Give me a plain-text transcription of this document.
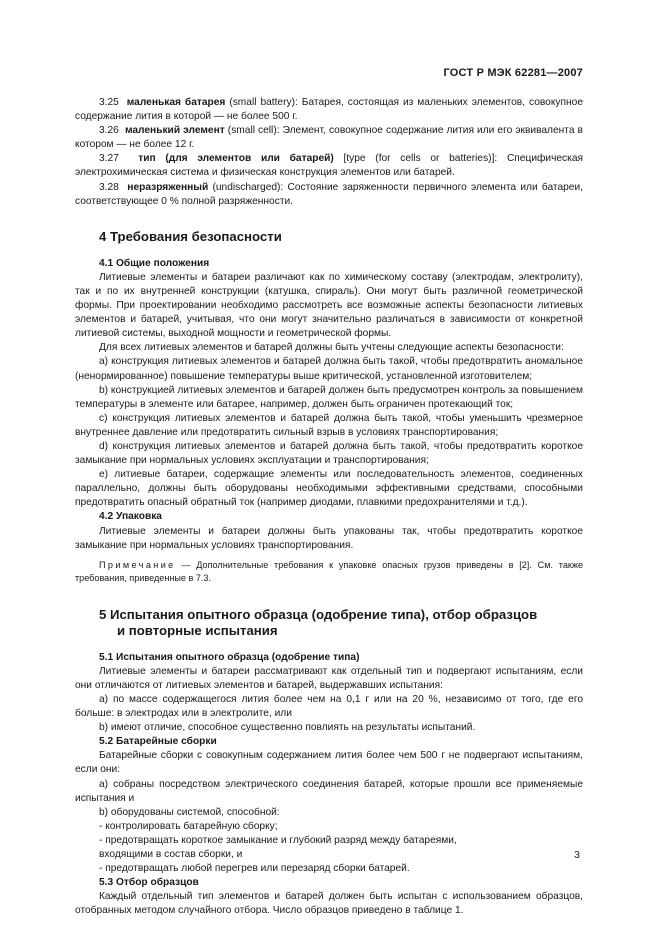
ГОСТ Р МЭК 62281—2007

3.25 маленькая батарея (small battery): Батарея, состоящая из маленьких элементов, совокупное содержание лития в которой — не более 500 г.

3.26 маленький элемент (small cell): Элемент, совокупное содержание лития или его эквивалента в котором — не более 12 г.

3.27 тип (для элементов или батарей) [type (for cells or batteries)]: Специфическая электрохимическая система и физическая конструкция элементов или батарей.

3.28 неразряженный (undischarged): Состояние заряженности первичного элемента или батареи, соответствующее 0 % полной разряженности.

4 Требования безопасности

4.1 Общие положения

Литиевые элементы и батареи различают как по химическому составу (электродам, электролиту), так и по их внутренней конструкции (катушка, спираль). Они могут быть различной геометрической формы. При проектировании необходимо рассмотреть все возможные аспекты безопасности литиевых элементов и батарей, учитывая, что они могут значительно различаться в зависимости от конкретной литиевой системы, выходной мощности и геометрической формы.

Для всех литиевых элементов и батарей должны быть учтены следующие аспекты безопасности:

а) конструкция литиевых элементов и батарей должна быть такой, чтобы предотвратить аномальное (ненормированное) повышение температуры выше критической, установленной изготовителем;

b) конструкцией литиевых элементов и батарей должен быть предусмотрен контроль за повышением температуры в элементе или батарее, например, должен быть ограничен протекающий ток;

с) конструкция литиевых элементов и батарей должна быть такой, чтобы уменьшить чрезмерное внутреннее давление или предотвратить сильный взрыв в условиях транспортирования;

d) конструкция литиевых элементов и батарей должна быть такой, чтобы предотвратить короткое замыкание при нормальных условиях эксплуатации и транспортирования;

е) литиевые батареи, содержащие элементы или последовательность элементов, соединенных параллельно, должны быть оборудованы необходимыми эффективными средствами, способными предотвратить опасный обратный ток (например диодами, плавкими предохранителями и т.д.).

4.2 Упаковка

Литиевые элементы и батареи должны быть упакованы так, чтобы предотвратить короткое замыкание при нормальных условиях транспортирования.

Примечание — Дополнительные требования к упаковке опасных грузов приведены в [2]. См. также требования, приведенные в 7.3.

5 Испытания опытного образца (одобрение типа), отбор образцов
и повторные испытания

5.1 Испытания опытного образца (одобрение типа)

Литиевые элементы и батареи рассматривают как отдельный тип и подвергают испытаниям, если они отличаются от литиевых элементов и батарей, выдержавших испытания:

а) по массе содержащегося лития более чем на 0,1 г или на 20 %, независимо от того, где его больше: в электродах или в электролите, или

b) имеют отличие, способное существенно повлиять на результаты испытаний.

5.2 Батарейные сборки

Батарейные сборки с совокупным содержанием лития более чем 500 г не подвергают испытаниям, если они:

а) собраны посредством электрического соединения батарей, которые прошли все применяемые испытания и

b) оборудованы системой, способной:

- контролировать батарейную сборку;

- предотвращать короткое замыкание и глубокий разряд между батареями,

входящими в состав сборки, и

- предотвращать любой перегрев или перезаряд сборки батарей.

5.3 Отбор образцов

Каждый отдельный тип элементов и батарей должен быть испытан с использованием образцов, отобранных методом случайного отбора. Число образцов приведено в таблице 1.

3
